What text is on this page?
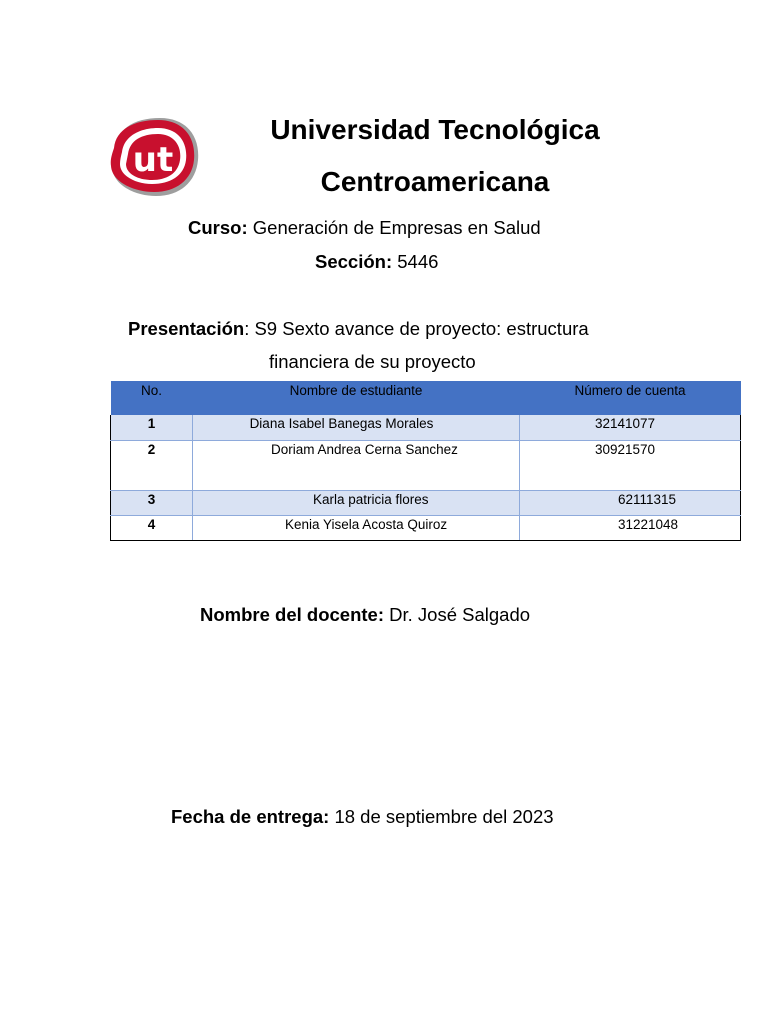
ut
Universidad Tecnológica
Centroamericana
Curso: Generación de Empresas en Salud
Sección: 5446
Presentación: S9 Sexto avance de proyecto: estructura
financiera de su proyecto
No.	Nombre de estudiante	Número de cuenta
1	Diana Isabel Banegas Morales	32141077
2	Doriam Andrea Cerna Sanchez	30921570
3	Karla patricia flores	62111315
4	Kenia Yisela Acosta Quiroz	31221048
Nombre del docente: Dr. José Salgado
Fecha de entrega: 18 de septiembre del 2023
